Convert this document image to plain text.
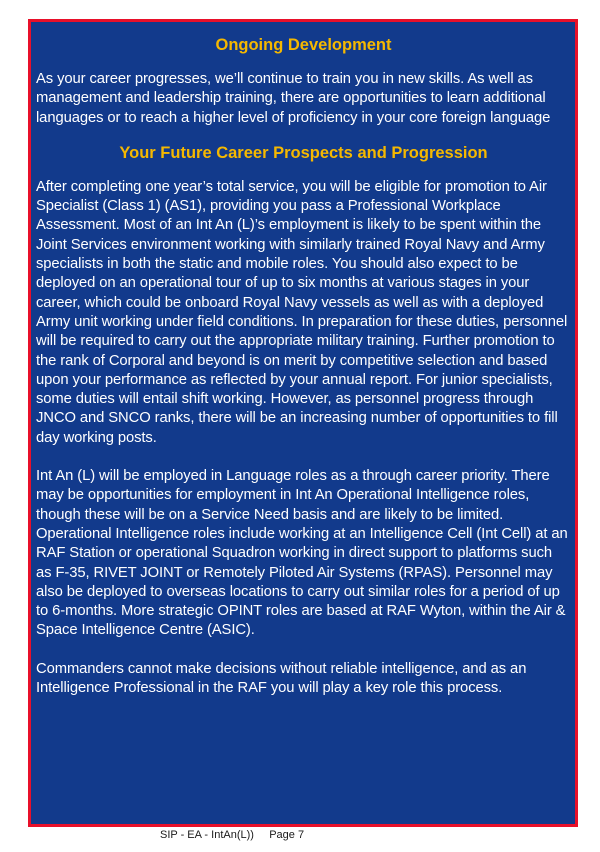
Ongoing Development

As your career progresses, we’ll continue to train you in new skills. As well as management and leadership training, there are opportunities to learn additional languages or to reach a higher level of proficiency in your core foreign language

Your Future Career Prospects and Progression

After completing one year’s total service, you will be eligible for promotion to Air Specialist (Class 1) (AS1), providing you pass a Professional Workplace Assessment. Most of an Int An (L)’s employment is likely to be spent within the Joint Services environment working with similarly trained Royal Navy and Army specialists in both the static and mobile roles. You should also expect to be deployed on an operational tour of up to six months at various stages in your career, which could be onboard Royal Navy vessels as well as with a deployed Army unit working under field conditions. In preparation for these duties, personnel will be required to carry out the appropriate military training. Further promotion to the rank of Corporal and beyond is on merit by competitive selection and based upon your performance as reflected by your annual report. For junior specialists, some duties will entail shift working. However, as personnel progress through JNCO and SNCO ranks, there will be an increasing number of opportunities to fill day working posts.

Int An (L) will be employed in Language roles as a through career priority. There may be opportunities for employment in Int An Operational Intelligence roles, though these will be on a Service Need basis and are likely to be limited. Operational Intelligence roles include working at an Intelligence Cell (Int Cell) at an RAF Station or operational Squadron working in direct support to platforms such as F-35, RIVET JOINT or Remotely Piloted Air Systems (RPAS). Personnel may also be deployed to overseas locations to carry out similar roles for a period of up to 6-months. More strategic OPINT roles are based at RAF Wyton, within the Air & Space Intelligence Centre (ASIC).

Commanders cannot make decisions without reliable intelligence, and as an Intelligence Professional in the RAF you will play a key role this process.

SIP - EA - IntAn(L))     Page 7
